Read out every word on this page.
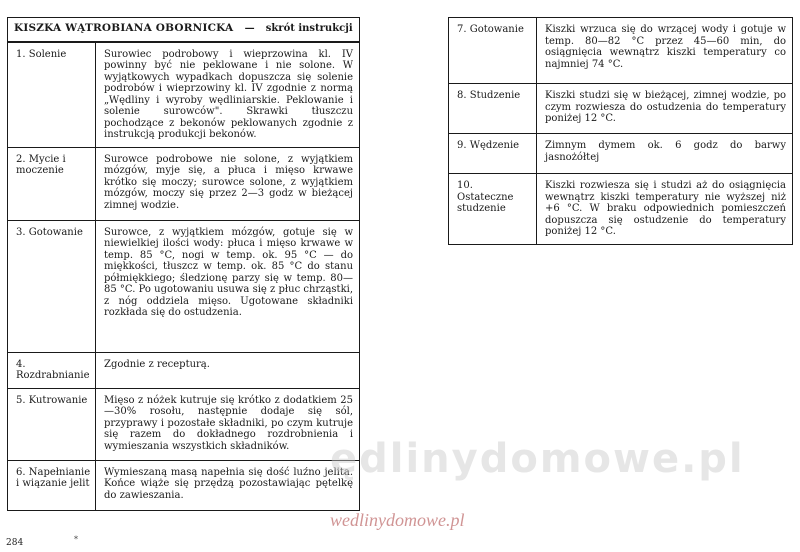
KISZKA WĄTROBIANA OBORNICKA — skrót instrukcji	
1. Solenie	Surowiec podrobowy i wieprzowina kl. IV powinny być nie peklowane i nie solone. W wyjątkowych wypadkach dopuszcza się solenie podrobów i wieprzowiny kl. IV zgodnie z normą „Wędliny i wyroby wędliniarskie. Peklowanie i solenie surowców". Skrawki tłuszczu pochodzące z bekonów peklowanych zgodnie z instrukcją produkcji bekonów.
2. Mycie i moczenie	Surowce podrobowe nie solone, z wyjątkiem mózgów, myje się, a płuca i mięso krwawe krótko się moczy; surowce solone, z wyjątkiem mózgów, moczy się przez 2—3 godz w bieżącej zimnej wodzie.
3. Gotowanie	Surowce, z wyjątkiem mózgów, gotuje się w niewielkiej ilości wody: płuca i mięso krwawe w temp. 85 °C, nogi w temp. ok. 95 °C — do miękkości, tłuszcz w temp. ok. 85 °C do stanu półmiękkiego; śledzionę parzy się w temp. 80—85 °C. Po ugotowaniu usuwa się z płuc chrząstki, z nóg oddziela mięso. Ugotowane składniki rozkłada się do ostudzenia.
4. Rozdrabnianie	Zgodnie z recepturą.
5. Kutrowanie	Mięso z nóżek kutruje się krótko z dodatkiem 25—30% rosołu, następnie dodaje się sól, przyprawy i pozostałe składniki, po czym kutruje się razem do dokładnego rozdrobnienia i wymieszania wszystkich składników.
6. Napełnianie i wiązanie jelit	Wymieszaną masą napełnia się dość luźno jelita. Końce wiąże się przędzą pozostawiając pętelkę do zawieszania.
7. Gotowanie	Kiszki wrzuca się do wrzącej wody i gotuje w temp. 80—82 °C przez 45—60 min, do osiągnięcia wewnątrz kiszki temperatury co najmniej 74 °C.
8. Studzenie	Kiszki studzi się w bieżącej, zimnej wodzie, po czym rozwiesza do ostudzenia do temperatury poniżej 12 °C.
9. Wędzenie	Zimnym dymem ok. 6 godz do barwy jasnożółtej
10. Ostateczne studzenie	Kiszki rozwiesza się i studzi aż do osiągnięcia wewnątrz kiszki temperatury nie wyższej niż +6 °C. W braku odpowiednich pomieszczeń dopuszcza się ostudzenie do temperatury poniżej 12 °C.
ędlinydomowe.pl
wedlinydomowe.pl
284	*
